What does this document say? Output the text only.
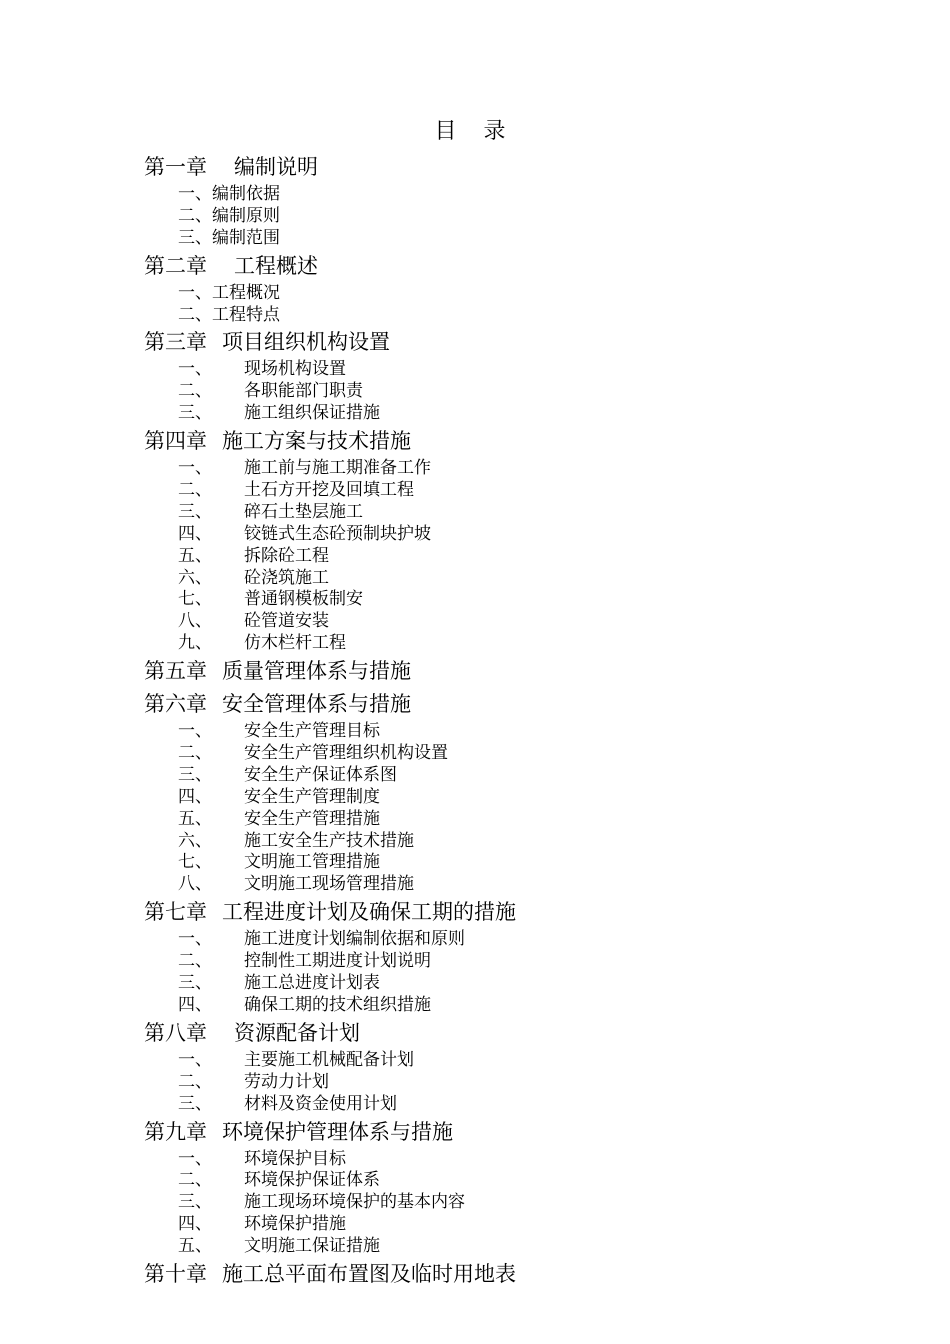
目 录
第一章 编制说明
一、编制依据
二、编制原则
三、编制范围
第二章 工程概述
一、工程概况
二、工程特点
第三章 项目组织机构设置
一、 现场机构设置
二、 各职能部门职责
三、 施工组织保证措施
第四章 施工方案与技术措施
一、 施工前与施工期准备工作
二、 土石方开挖及回填工程
三、 碎石土垫层施工
四、 铰链式生态砼预制块护坡
五、 拆除砼工程
六、 砼浇筑施工
七、 普通钢模板制安
八、 砼管道安装
九、 仿木栏杆工程
第五章 质量管理体系与措施
第六章 安全管理体系与措施
一、 安全生产管理目标
二、 安全生产管理组织机构设置
三、 安全生产保证体系图
四、 安全生产管理制度
五、 安全生产管理措施
六、 施工安全生产技术措施
七、 文明施工管理措施
八、 文明施工现场管理措施
第七章 工程进度计划及确保工期的措施
一、 施工进度计划编制依据和原则
二、 控制性工期进度计划说明
三、 施工总进度计划表
四、 确保工期的技术组织措施
第八章 资源配备计划
一、 主要施工机械配备计划
二、 劳动力计划
三、 材料及资金使用计划
第九章 环境保护管理体系与措施
一、 环境保护目标
二、 环境保护保证体系
三、 施工现场环境保护的基本内容
四、 环境保护措施
五、 文明施工保证措施
第十章 施工总平面布置图及临时用地表
